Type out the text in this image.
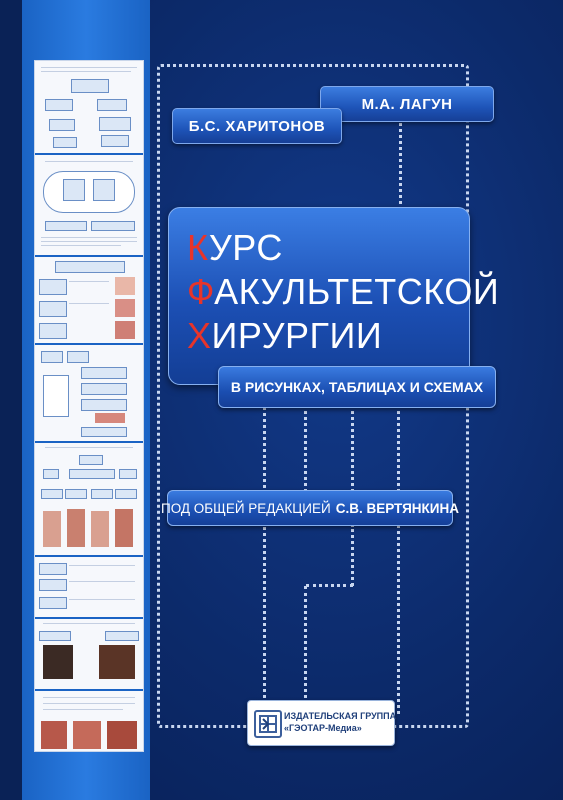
М.А. ЛАГУН
Б.С. ХАРИТОНОВ
КУРС
ФАКУЛЬТЕТСКОЙ
ХИРУРГИИ
В РИСУНКАХ, ТАБЛИЦАХ И СХЕМАХ
ПОД ОБЩЕЙ РЕДАКЦИЕЙ С.В. ВЕРТЯНКИНА
ИЗДАТЕЛЬСКАЯ ГРУППА
«ГЭОТАР-Медиа»
